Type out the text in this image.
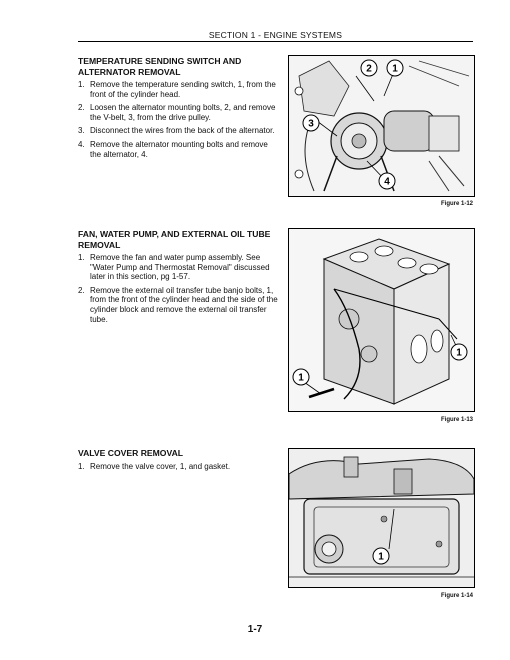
SECTION 1 - ENGINE SYSTEMS
TEMPERATURE SENDING SWITCH AND ALTERNATOR REMOVAL
1. Remove the temperature sending switch, 1, from the front of the cylinder head.
2. Loosen the alternator mounting bolts, 2, and remove the V-belt, 3, from the drive pulley.
3. Disconnect the wires from the back of the alternator.
4. Remove the alternator mounting bolts and remove the alternator, 4.
2 1
3
4
Figure 1-12
FAN, WATER PUMP, AND EXTERNAL OIL TUBE REMOVAL
1. Remove the fan and water pump assembly. See "Water Pump and Thermostat Removal" discussed later in this section, pg 1-57.
2. Remove the external oil transfer tube banjo bolts, 1, from the front of the cylinder head and the side of the cylinder block and remove the external oil transfer tube.
1
1
Figure 1-13
VALVE COVER REMOVAL
1. Remove the valve cover, 1, and gasket.
1
Figure 1-14
1-7
